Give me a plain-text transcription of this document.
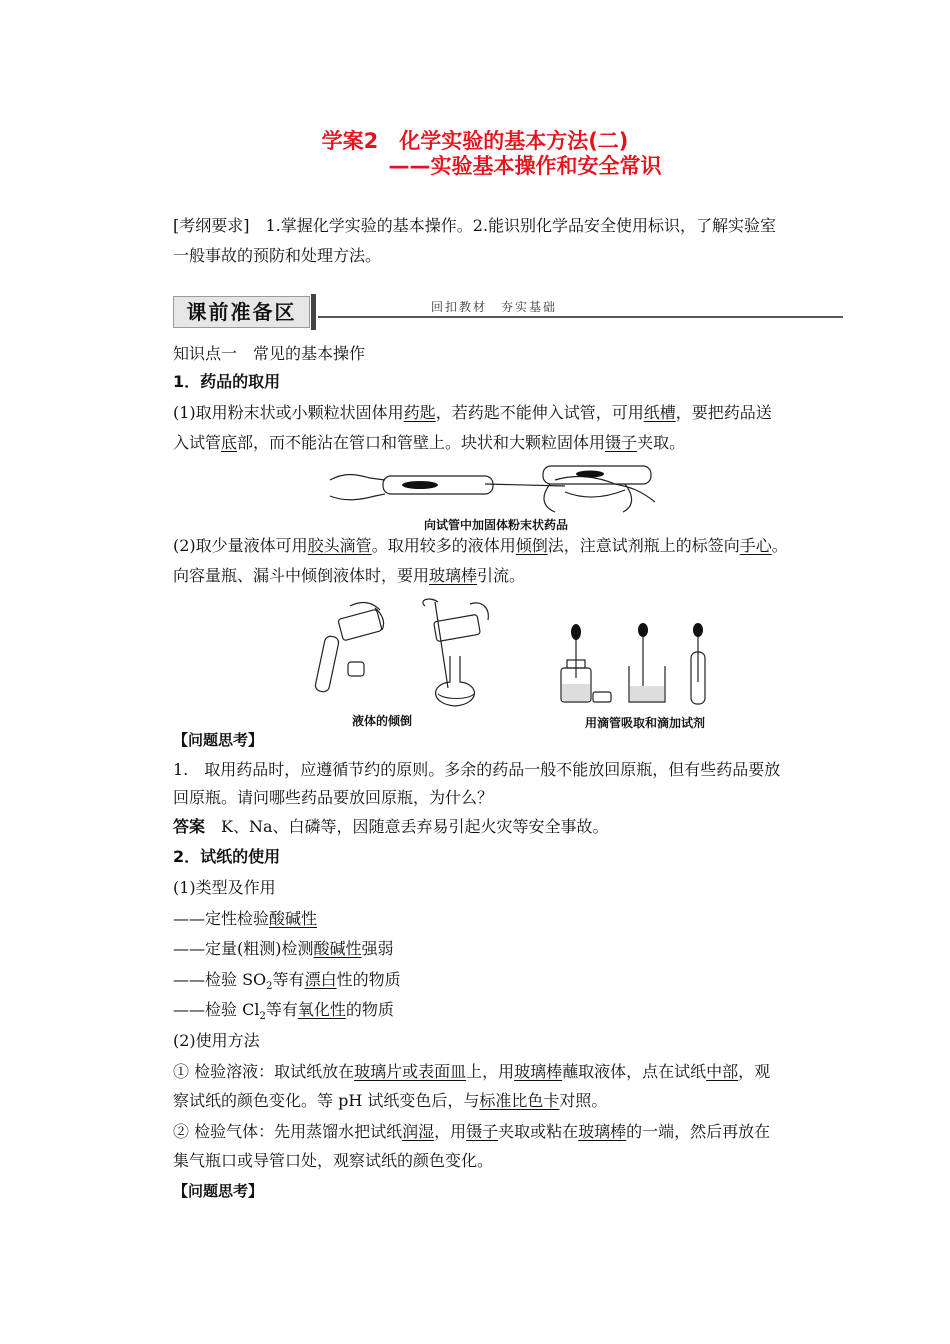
学案2　化学实验的基本方法(二)
——实验基本操作和安全常识
[考纲要求]　1.掌握化学实验的基本操作。2.能识别化学品安全使用标识，了解实验室
一般事故的预防和处理方法。
课前准备区	回扣教材　夯实基础
知识点一　常见的基本操作
1．药品的取用
(1)取用粉末状或小颗粒状固体用药匙，若药匙不能伸入试管，可用纸槽，要把药品送
入试管底部，而不能沾在管口和管壁上。块状和大颗粒固体用镊子夹取。
向试管中加固体粉末状药品
(2)取少量液体可用胶头滴管。取用较多的液体用倾倒法，注意试剂瓶上的标签向手心。
向容量瓶、漏斗中倾倒液体时，要用玻璃棒引流。
液体的倾倒	用滴管吸取和滴加试剂
【问题思考】
1.　取用药品时，应遵循节约的原则。多余的药品一般不能放回原瓶，但有些药品要放
回原瓶。请问哪些药品要放回原瓶，为什么？
答案　K、Na、白磷等，因随意丢弃易引起火灾等安全事故。
2．试纸的使用
(1)类型及作用
——定性检验酸碱性
——定量(粗测)检测酸碱性强弱
——检验 $SO_2$等有漂白性的物质
——检验 $Cl_2$等有氧化性的物质
(2)使用方法
① 检验溶液：取试纸放在玻璃片或表面皿上，用玻璃棒蘸取液体，点在试纸中部，观
察试纸的颜色变化。等 pH 试纸变色后，与标准比色卡对照。
② 检验气体：先用蒸馏水把试纸润湿，用镊子夹取或粘在玻璃棒的一端，然后再放在
集气瓶口或导管口处，观察试纸的颜色变化。
【问题思考】
